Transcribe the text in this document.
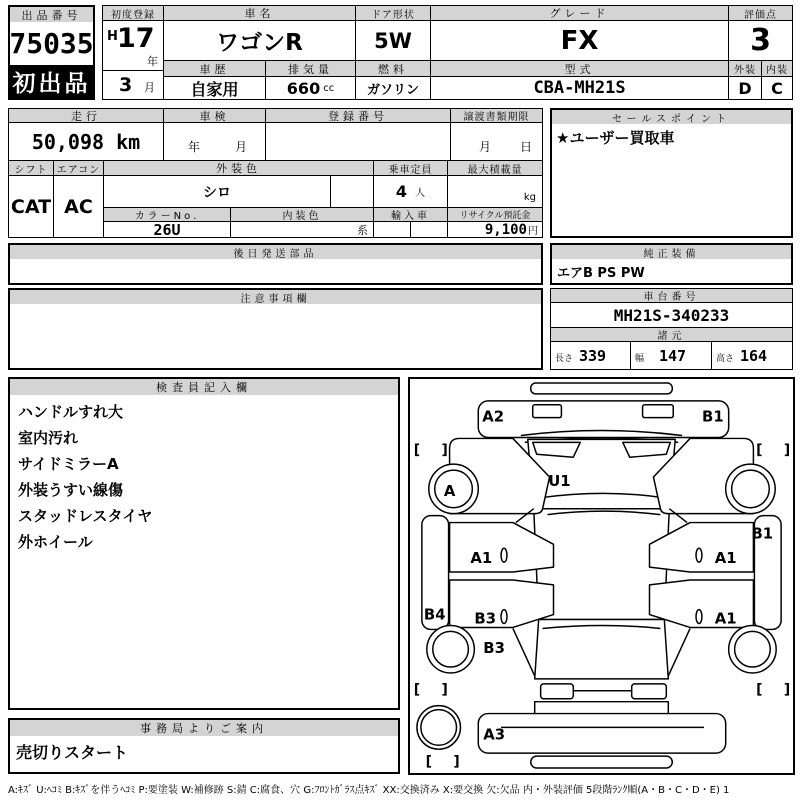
出品番号
75035
初出品
初度登録
H 17
年
3 月
車名
ワゴンR
ドア形状
5W
グレード
FX
評価点
3
車歴
自家用
排気量
660 cc
燃料
ガソリン
型式
CBA-MH21S
外装	内装
D	C
走行
50,098 km
車検
年	月
登録番号	譲渡書類期限
月 日
シフト
CAT
エアコン
AC
外装色
シロ
カラーNo.
26U
内装色
系
乗車定員
4 人
最大積載量
kg
輸入車	リサイクル預託金
9,100 円
セールスポイント
★ユーザー買取車
後日発送部品	純正装備
エアB PS PW
注意事項欄	車台番号
MH21S-340233
諸元
長さ 339	幅 147	高さ 164
検査員記入欄
ハンドルすれ大
室内汚れ
サイドミラーA
外装うすい線傷
スタッドレスタイヤ
外ホイール
事務局よりご案内
売切りスタート
[ ]	[ ]
[ ]	[ ]
[ ]
A2	B1
A
U1
B1
A1	A1
B4 B3	A1
B3
A3
A:ｷｽﾞ U:ﾍｺﾐ B:ｷｽﾞを伴うﾍｺﾐ P:要塗装 W:補修跡 S:錆 C:腐食、穴 G:ﾌﾛﾝﾄｶﾞﾗｽ点ｷｽﾞ XX:交換済み X:要交換 欠:欠品 内・外装評価 5段階ﾗﾝｸ順(A・B・C・D・E) 1
